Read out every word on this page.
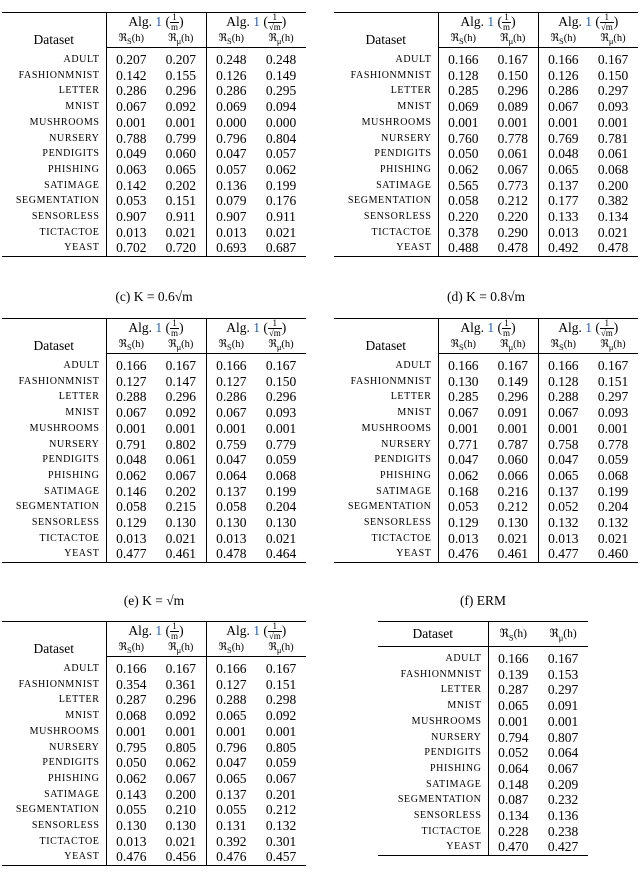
Dataset	Alg. 1 ( $\frac{1}{m}$ )		Alg. 1 ( $\frac{1}{√m}$ )	
	ℜ$_S$(h)	ℜ$_\mu$(h)	ℜ$_S$(h)	ℜ$_\mu$(h)
ADULT	0.207	0.207	0.248	0.248
FASHIONMNIST	0.142	0.155	0.126	0.149
LETTER	0.286	0.296	0.286	0.295
MNIST	0.067	0.092	0.069	0.094
MUSHROOMS	0.001	0.001	0.000	0.000
NURSERY	0.788	0.799	0.796	0.804
PENDIGITS	0.049	0.060	0.047	0.057
PHISHING	0.063	0.065	0.057	0.062
SATIMAGE	0.142	0.202	0.136	0.199
SEGMENTATION	0.053	0.151	0.079	0.176
SENSORLESS	0.907	0.911	0.907	0.911
TICTACTOE	0.013	0.021	0.013	0.021
YEAST	0.702	0.720	0.693	0.687
Dataset	Alg. 1 ( $\frac{1}{m}$ )		Alg. 1 ( $\frac{1}{√m}$ )	
	ℜ$_S$(h)	ℜ$_\mu$(h)	ℜ$_S$(h)	ℜ$_\mu$(h)
ADULT	0.166	0.167	0.166	0.167
FASHIONMNIST	0.128	0.150	0.126	0.150
LETTER	0.285	0.296	0.286	0.297
MNIST	0.069	0.089	0.067	0.093
MUSHROOMS	0.001	0.001	0.001	0.001
NURSERY	0.760	0.778	0.769	0.781
PENDIGITS	0.050	0.061	0.048	0.061
PHISHING	0.062	0.067	0.065	0.068
SATIMAGE	0.565	0.773	0.137	0.200
SEGMENTATION	0.058	0.212	0.177	0.382
SENSORLESS	0.220	0.220	0.133	0.134
TICTACTOE	0.378	0.290	0.013	0.021
YEAST	0.488	0.478	0.492	0.478
(c) K = 0.6√m	(d) K = 0.8√m
Dataset	Alg. 1 ( $\frac{1}{m}$ )		Alg. 1 ( $\frac{1}{√m}$ )	
	ℜ$_S$(h)	ℜ$_\mu$(h)	ℜ$_S$(h)	ℜ$_\mu$(h)
ADULT	0.166	0.167	0.166	0.167
FASHIONMNIST	0.127	0.147	0.127	0.150
LETTER	0.288	0.296	0.286	0.296
MNIST	0.067	0.092	0.067	0.093
MUSHROOMS	0.001	0.001	0.001	0.001
NURSERY	0.791	0.802	0.759	0.779
PENDIGITS	0.048	0.061	0.047	0.059
PHISHING	0.062	0.067	0.064	0.068
SATIMAGE	0.146	0.202	0.137	0.199
SEGMENTATION	0.058	0.215	0.058	0.204
SENSORLESS	0.129	0.130	0.130	0.130
TICTACTOE	0.013	0.021	0.013	0.021
YEAST	0.477	0.461	0.478	0.464
Dataset	Alg. 1 ( $\frac{1}{m}$ )		Alg. 1 ( $\frac{1}{√m}$ )	
	ℜ$_S$(h)	ℜ$_\mu$(h)	ℜ$_S$(h)	ℜ$_\mu$(h)
ADULT	0.166	0.167	0.166	0.167
FASHIONMNIST	0.130	0.149	0.128	0.151
LETTER	0.285	0.296	0.288	0.297
MNIST	0.067	0.091	0.067	0.093
MUSHROOMS	0.001	0.001	0.001	0.001
NURSERY	0.771	0.787	0.758	0.778
PENDIGITS	0.047	0.060	0.047	0.059
PHISHING	0.062	0.066	0.065	0.068
SATIMAGE	0.168	0.216	0.137	0.199
SEGMENTATION	0.053	0.212	0.052	0.204
SENSORLESS	0.129	0.130	0.132	0.132
TICTACTOE	0.013	0.021	0.013	0.021
YEAST	0.476	0.461	0.477	0.460
(e) K = √m	(f) ERM
Dataset	Alg. 1 ( $\frac{1}{m}$ )		Alg. 1 ( $\frac{1}{√m}$ )	
	ℜ$_S$(h)	ℜ$_\mu$(h)	ℜ$_S$(h)	ℜ$_\mu$(h)
ADULT	0.166	0.167	0.166	0.167
FASHIONMNIST	0.354	0.361	0.127	0.151
LETTER	0.287	0.296	0.288	0.298
MNIST	0.068	0.092	0.065	0.092
MUSHROOMS	0.001	0.001	0.001	0.001
NURSERY	0.795	0.805	0.796	0.805
PENDIGITS	0.050	0.062	0.047	0.059
PHISHING	0.062	0.067	0.065	0.067
SATIMAGE	0.143	0.200	0.137	0.201
SEGMENTATION	0.055	0.210	0.055	0.212
SENSORLESS	0.130	0.130	0.131	0.132
TICTACTOE	0.013	0.021	0.392	0.301
YEAST	0.476	0.456	0.476	0.457
Dataset	ℜ$_S$(h)	ℜ$_\mu$(h)
ADULT	0.166	0.167
FASHIONMNIST	0.139	0.153
LETTER	0.287	0.297
MNIST	0.065	0.091
MUSHROOMS	0.001	0.001
NURSERY	0.794	0.807
PENDIGITS	0.052	0.064
PHISHING	0.064	0.067
SATIMAGE	0.148	0.209
SEGMENTATION	0.087	0.232
SENSORLESS	0.134	0.136
TICTACTOE	0.228	0.238
YEAST	0.470	0.427
